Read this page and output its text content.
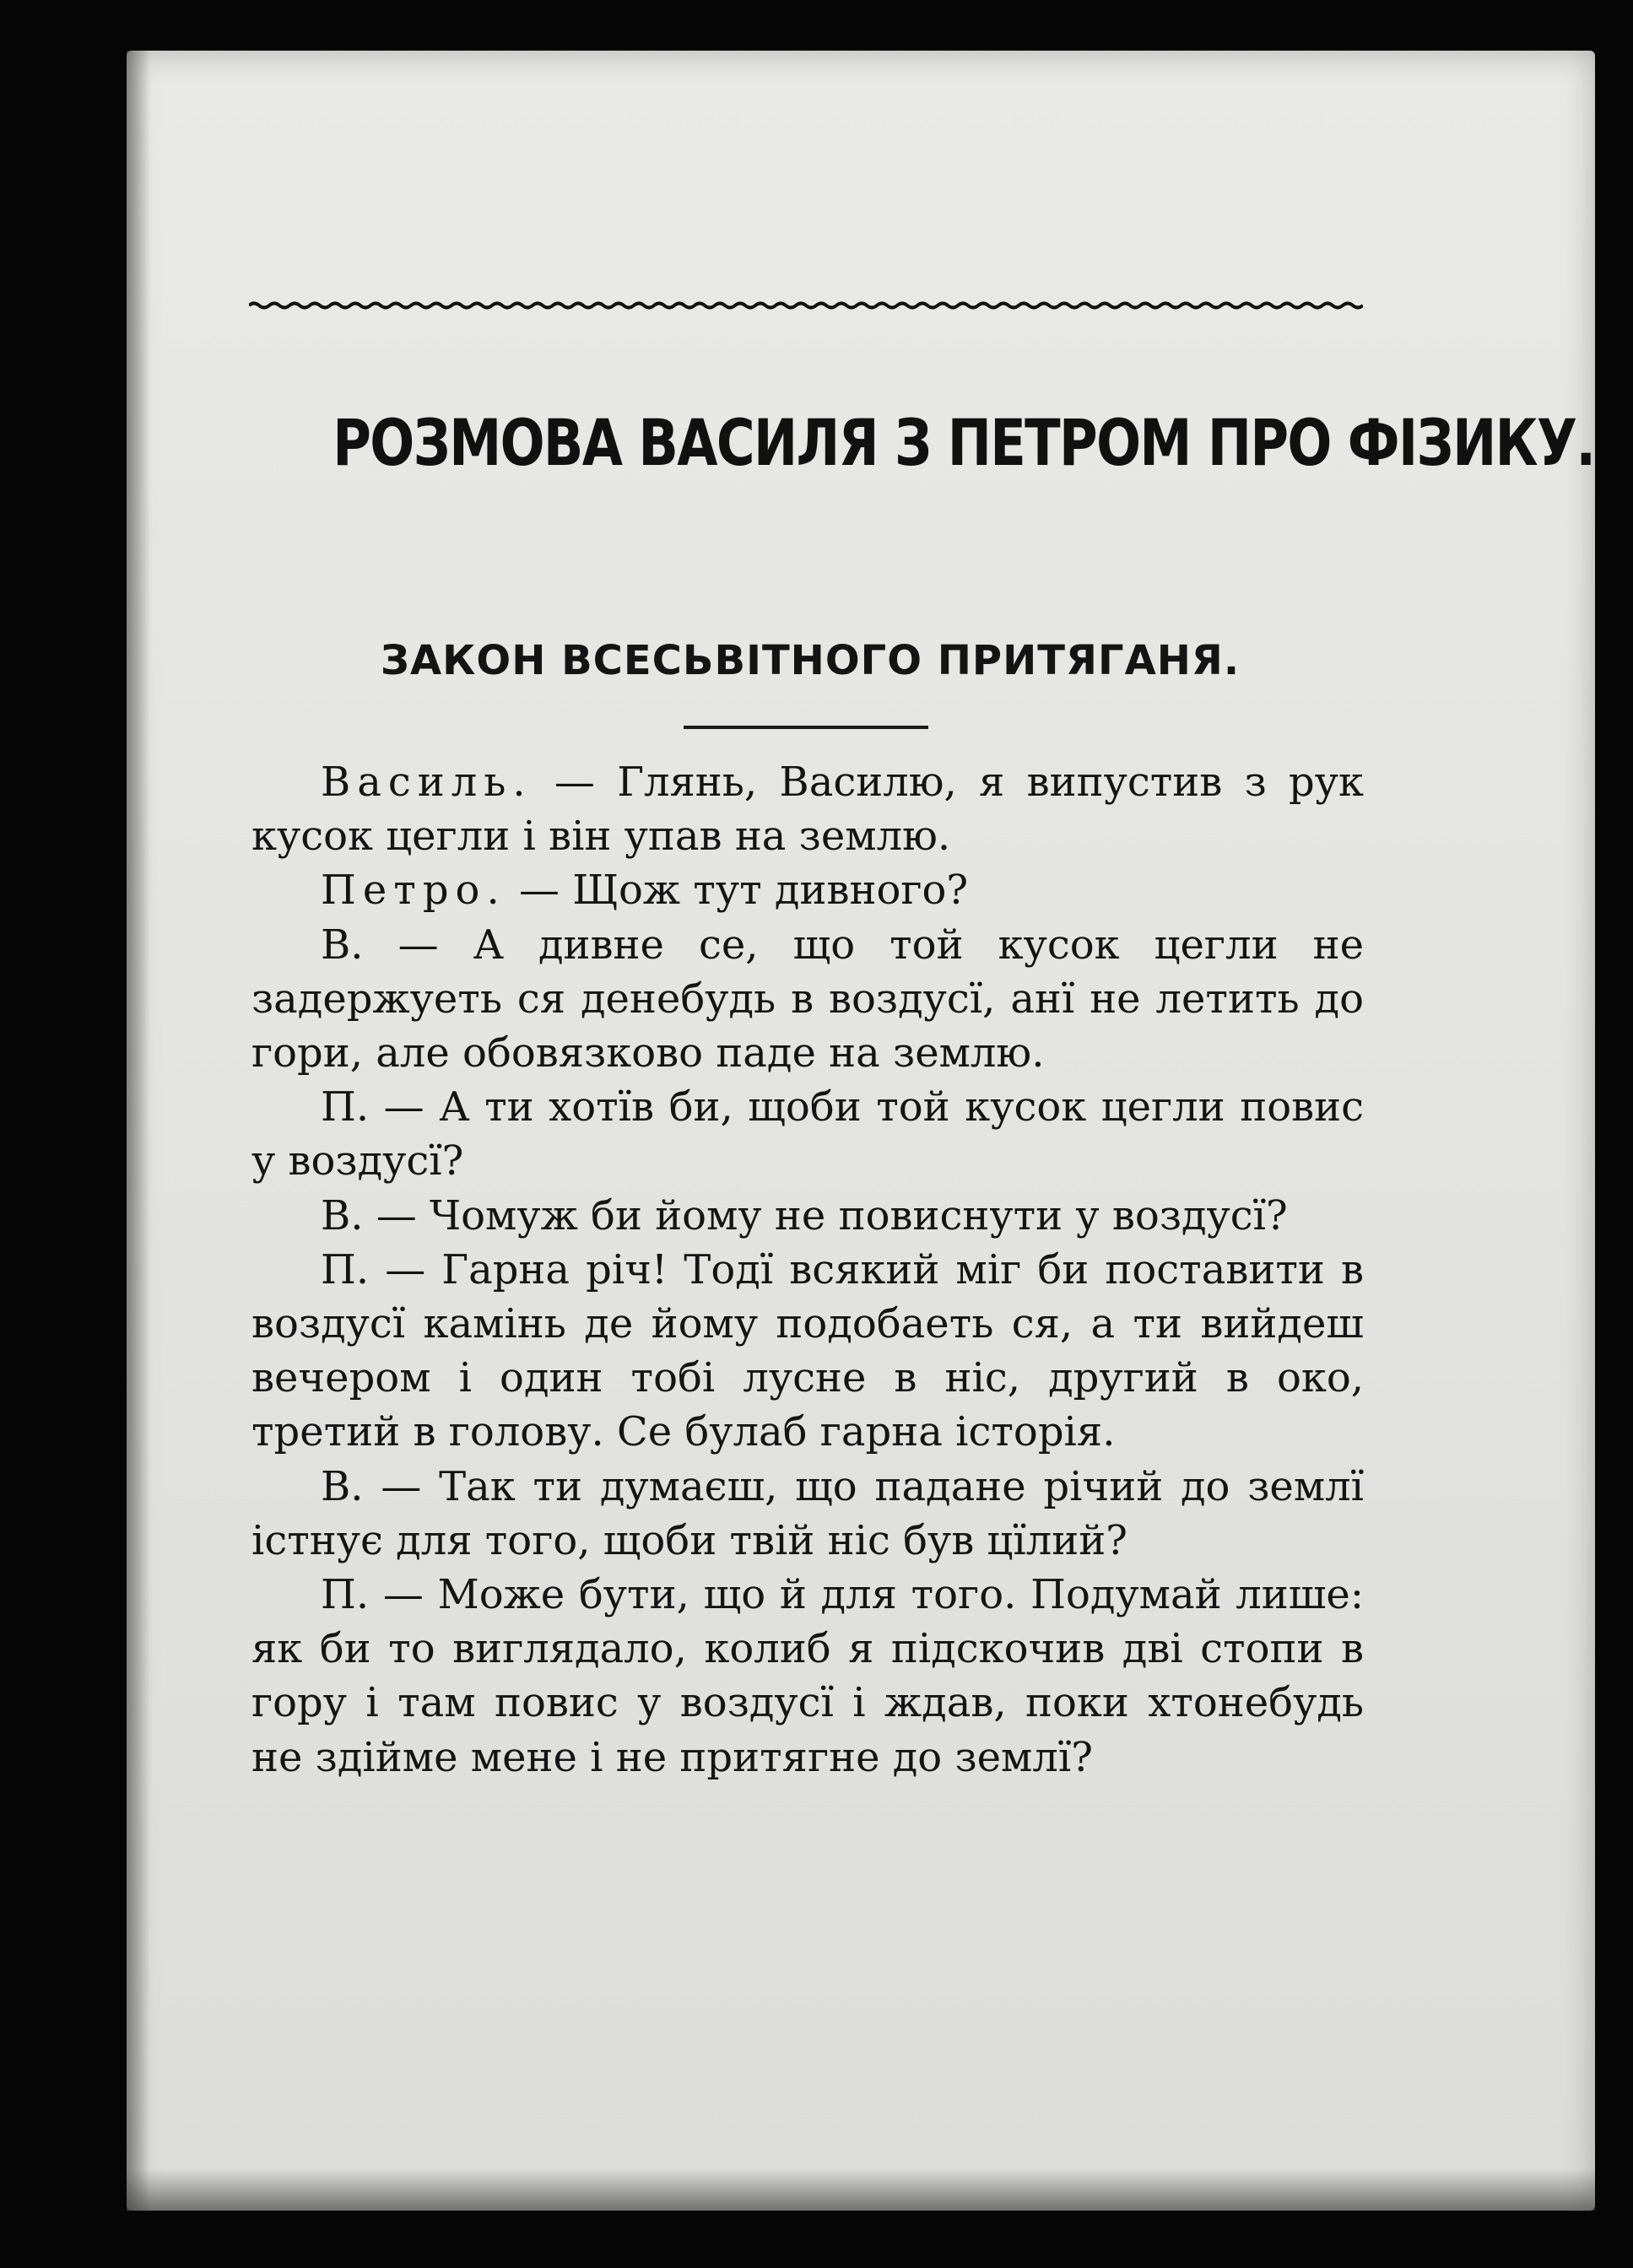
РОЗМОВА ВАСИЛЯ З ПЕТРОМ ПРО ФІЗИКУ.
ЗАКОН ВСЕСЬВІТНОГО ПРИТЯГАНЯ.

Василь. — Глянь, Василю, я випустив з рук кусок цегли і він упав на землю.

Петро. — Щож тут дивного?

В. — А дивне се, що той кусок цегли не задержуеть ся денебудь в воздусї, анї не летить до гори, але обовязково паде на землю.

П. — А ти хотїв би, щоби той кусок цегли повис у воздусї?

В. — Чомуж би йому не повиснути у воздусї?

П. — Гарна річ! Тодї всякий міг би поставити в воздусї камінь де йому подобаеть ся, а ти вийдеш вечером і один тобі лусне в ніс, другий в око, третий в голову. Се булаб гарна історія.

В. — Так ти думаєш, що падане річий до землї істнує для того, щоби твій ніс був цїлий?

П. — Може бути, що й для того. Подумай лише: як би то виглядало, колиб я підскочив дві стопи в гору і там повис у воздусї і ждав, поки хтонебудь не здійме мене і не притягне до землї?
